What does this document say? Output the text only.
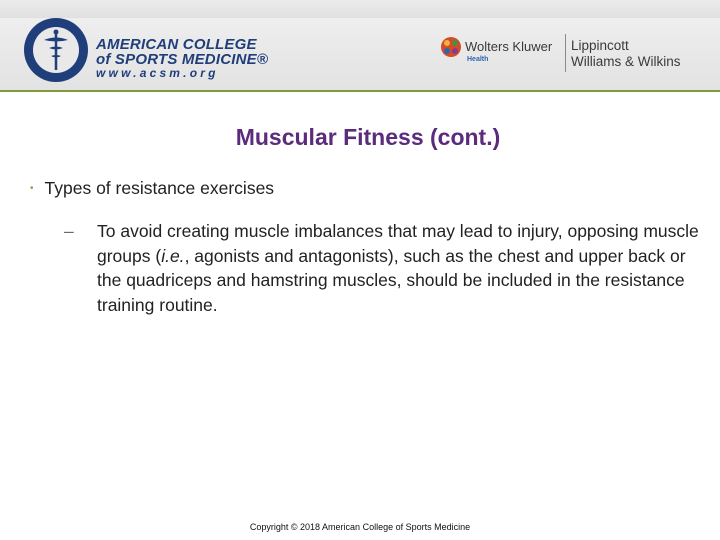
AMERICAN COLLEGE
of SPORTS MEDICINE®
www.acsm.org
Wolters Kluwer
Health
Lippincott
Williams & Wilkins
Muscular Fitness (cont.)
• Types of resistance exercises
– To avoid creating muscle imbalances that may lead to injury, opposing muscle groups (i.e., agonists and antagonists), such as the chest and upper back or the quadriceps and hamstring muscles, should be included in the resistance training routine.
Copyright © 2018 American College of Sports Medicine
